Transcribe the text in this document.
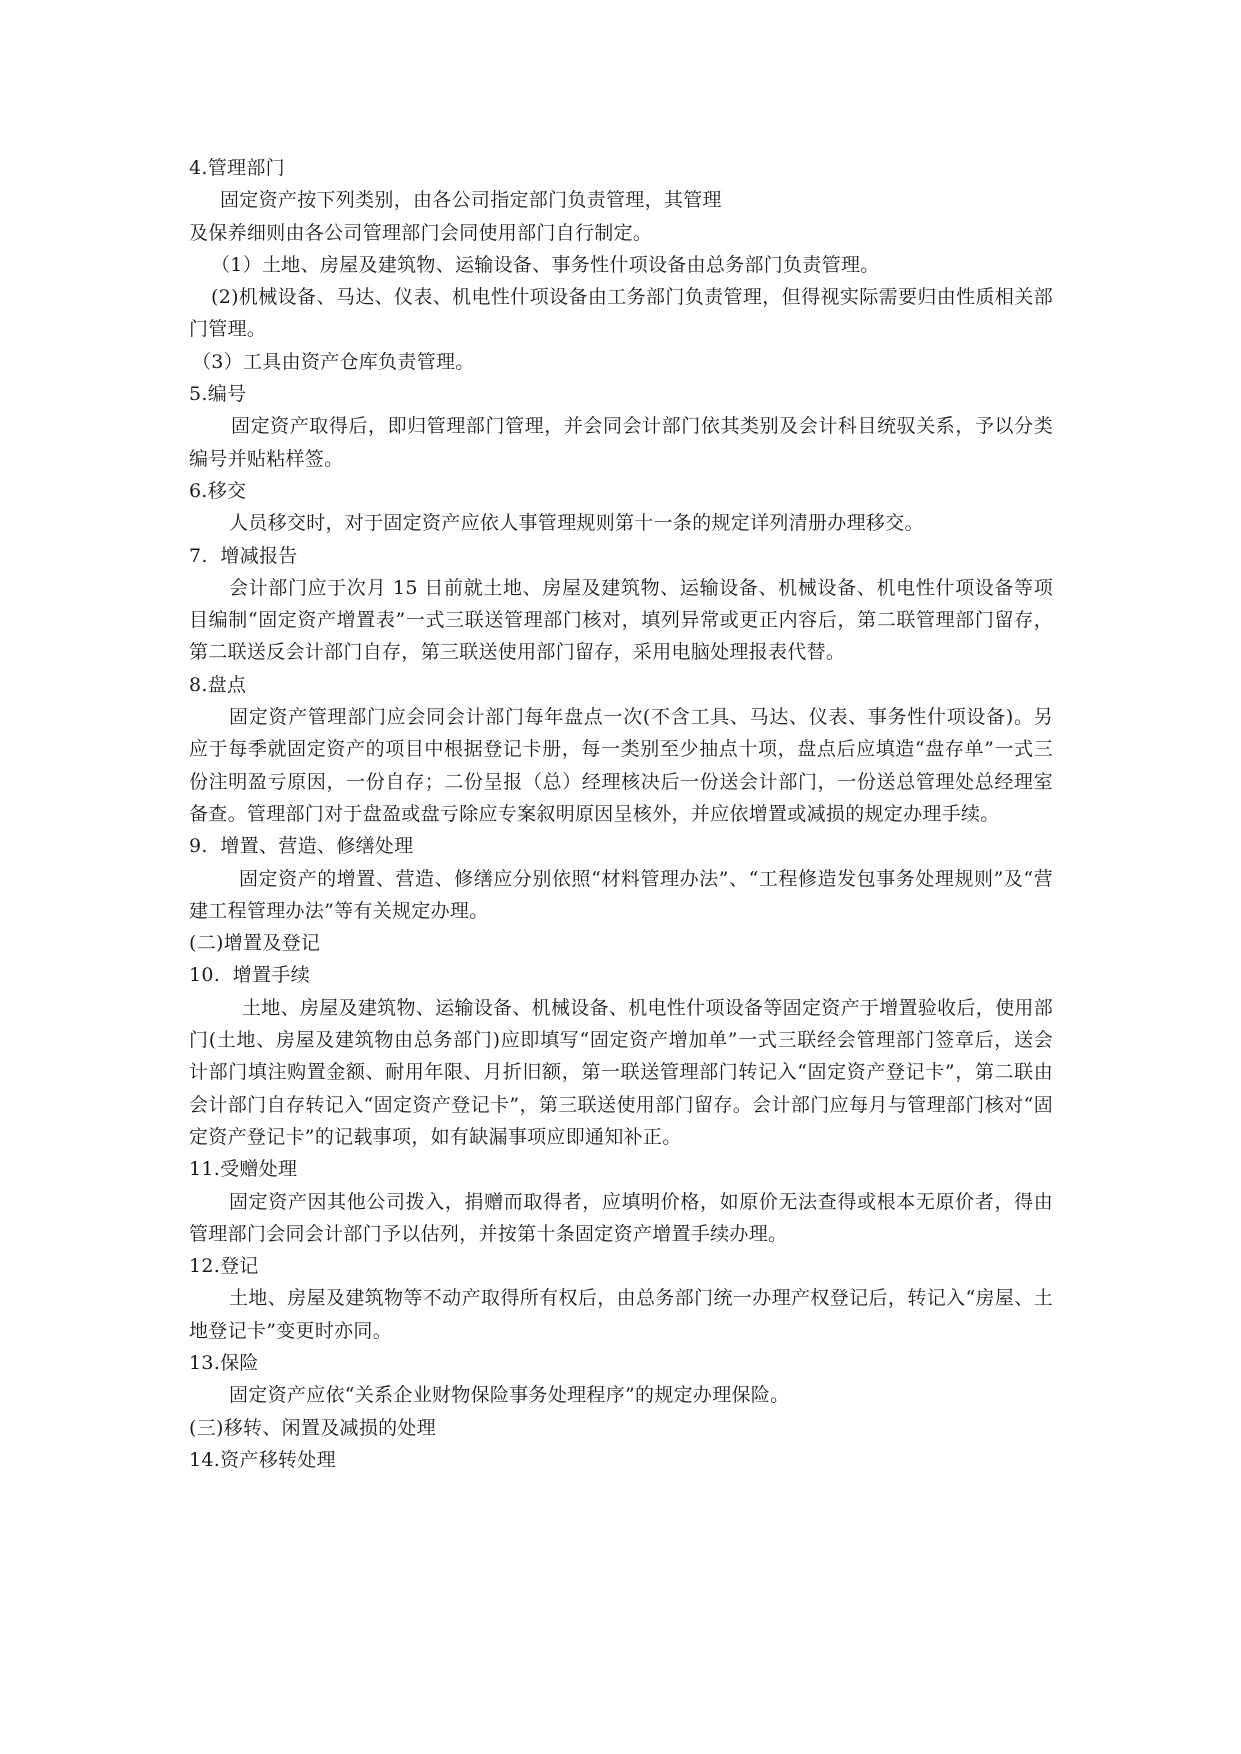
4.管理部门

固定资产按下列类别，由各公司指定部门负责管理，其管理

及保养细则由各公司管理部门会同使用部门自行制定。

（1）土地、房屋及建筑物、运输设备、事务性什项设备由总务部门负责管理。

(2)机械设备、马达、仪表、机电性什项设备由工务部门负责管理，但得视实际需要归由性质相关部门管理。

（3）工具由资产仓库负责管理。

5.编号

固定资产取得后，即归管理部门管理，并会同会计部门依其类别及会计科目统驭关系，予以分类编号并贴粘样签。

6.移交

人员移交时，对于固定资产应依人事管理规则第十一条的规定详列清册办理移交。

7.  增减报告

会计部门应于次月 15 日前就土地、房屋及建筑物、运输设备、机械设备、机电性什项设备等项目编制“固定资产增置表”一式三联送管理部门核对，填列异常或更正内容后，第二联管理部门留存，第二联送反会计部门自存，第三联送使用部门留存，采用电脑处理报表代替。

8.盘点

固定资产管理部门应会同会计部门每年盘点一次(不含工具、马达、仪表、事务性什项设备)。另应于每季就固定资产的项目中根据登记卡册，每一类别至少抽点十项，盘点后应填造“盘存单”一式三份注明盈亏原因，一份自存；二份呈报（总）经理核决后一份送会计部门，一份送总管理处总经理室备查。管理部门对于盘盈或盘亏除应专案叙明原因呈核外，并应依增置或减损的规定办理手续。

9.  增置、营造、修缮处理

固定资产的增置、营造、修缮应分别依照“材料管理办法”、“工程修造发包事务处理规则”及“营建工程管理办法”等有关规定办理。

(二)增置及登记

10.  增置手续

土地、房屋及建筑物、运输设备、机械设备、机电性什项设备等固定资产于增置验收后，使用部门(土地、房屋及建筑物由总务部门)应即填写“固定资产增加单”一式三联经会管理部门签章后，送会计部门填注购置金额、耐用年限、月折旧额，第一联送管理部门转记入“固定资产登记卡”，第二联由会计部门自存转记入“固定资产登记卡”，第三联送使用部门留存。会计部门应每月与管理部门核对“固定资产登记卡”的记载事项，如有缺漏事项应即通知补正。

11.受赠处理

固定资产因其他公司拨入，捐赠而取得者，应填明价格，如原价无法查得或根本无原价者，得由管理部门会同会计部门予以估列，并按第十条固定资产增置手续办理。

12.登记

土地、房屋及建筑物等不动产取得所有权后，由总务部门统一办理产权登记后，转记入“房屋、土地登记卡”变更时亦同。

13.保险

固定资产应依“关系企业财物保险事务处理程序”的规定办理保险。

(三)移转、闲置及减损的处理

14.资产移转处理
